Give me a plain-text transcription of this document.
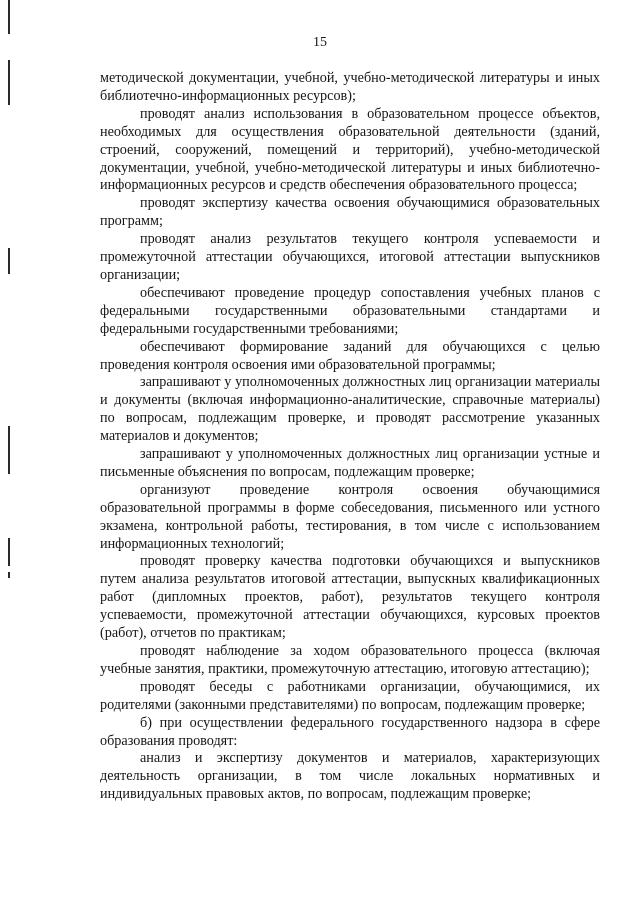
15

методической документации, учебной, учебно-методической литературы и иных библиотечно-информационных ресурсов);

проводят анализ использования в образовательном процессе объектов, необходимых для осуществления образовательной деятельности (зданий, строений, сооружений, помещений и территорий), учебно-методической документации, учебной, учебно-методической литературы и иных библиотечно-информационных ресурсов и средств обеспечения образовательного процесса;

проводят экспертизу качества освоения обучающимися образовательных программ;

проводят анализ результатов текущего контроля успеваемости и промежуточной аттестации обучающихся, итоговой аттестации выпускников организации;

обеспечивают проведение процедур сопоставления учебных планов с федеральными государственными образовательными стандартами и федеральными государственными требованиями;

обеспечивают формирование заданий для обучающихся с целью проведения контроля освоения ими образовательной программы;

запрашивают у уполномоченных должностных лиц организации материалы и документы (включая информационно-аналитические, справочные материалы) по вопросам, подлежащим проверке, и проводят рассмотрение указанных материалов и документов;

запрашивают у уполномоченных должностных лиц организации устные и письменные объяснения по вопросам, подлежащим проверке;

организуют проведение контроля освоения обучающимися образовательной программы в форме собеседования, письменного или устного экзамена, контрольной работы, тестирования, в том числе с использованием информационных технологий;

проводят проверку качества подготовки обучающихся и выпускников путем анализа результатов итоговой аттестации, выпускных квалификационных работ (дипломных проектов, работ), результатов текущего контроля успеваемости, промежуточной аттестации обучающихся, курсовых проектов (работ), отчетов по практикам;

проводят наблюдение за ходом образовательного процесса (включая учебные занятия, практики, промежуточную аттестацию, итоговую аттестацию);

проводят беседы с работниками организации, обучающимися, их родителями (законными представителями) по вопросам, подлежащим проверке;

б) при осуществлении федерального государственного надзора в сфере образования проводят:

анализ и экспертизу документов и материалов, характеризующих деятельность организации, в том числе локальных нормативных и индивидуальных правовых актов, по вопросам, подлежащим проверке;
